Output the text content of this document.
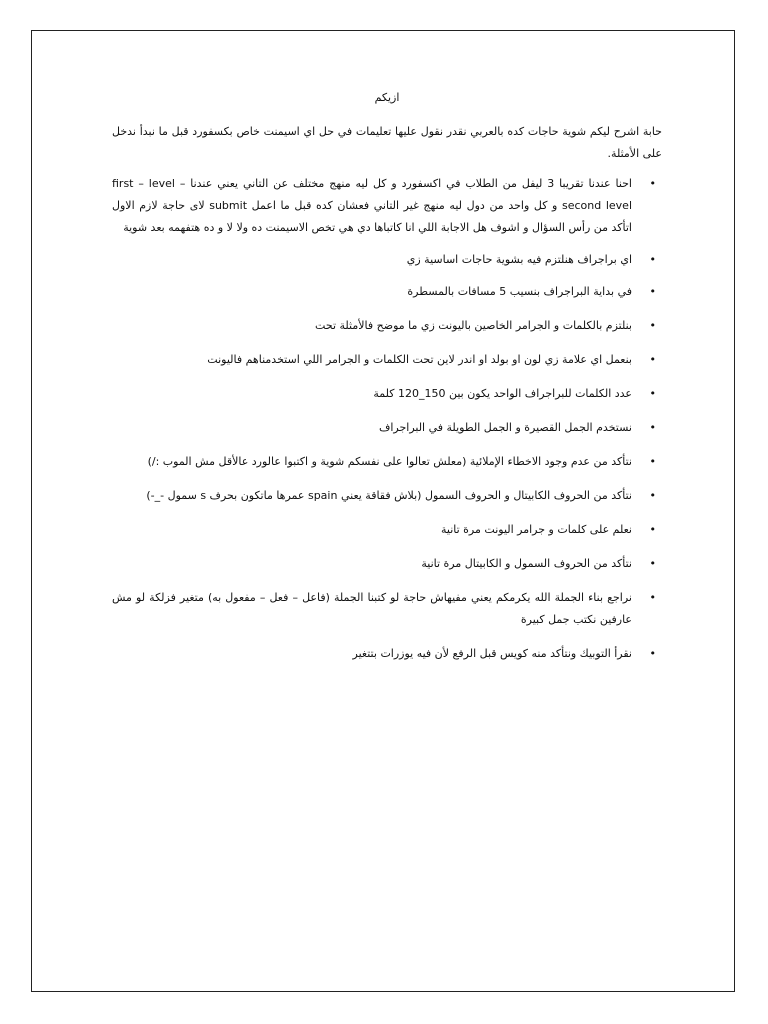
ازيكم

حابة اشرح ليكم شوية حاجات كده بالعربي نقدر نقول عليها تعليمات في حل اي اسيمنت خاص بكسفورد قبل ما نبدأ ندخل على الأمثلة.

•
احنا عندنا تقريبا 3 ليفل من الطلاب في اكسفورد و كل ليه منهج مختلف عن التاني يعني عندنا first – level – second level و كل واحد من دول ليه منهج غير التاني فعشان كده قبل ما اعمل submit لاى حاجة لازم الاول اتأكد من رأس السؤال و اشوف هل الاجابة اللي انا كاتباها دي هي تخص الاسيمنت ده ولا لا و ده هتفهمه بعد شوية
•
اي براجراف هنلتزم فيه بشوية حاجات اساسية زي
•
في بداية البراجراف بنسيب 5 مسافات بالمسطرة
•
بنلتزم بالكلمات و الجرامر الخاصين باليونت زي ما موضح فالأمثلة تحت
•
بنعمل اي علامة زي لون او بولد او اندر لاين تحت الكلمات و الجرامر اللي استخدمناهم فاليونت
•
عدد الكلمات للبراجراف الواحد يكون بين 150_120 كلمة
•
نستخدم الجمل القصيرة و الجمل الطويلة في البراجراف
•
نتأكد من عدم وجود الاخطاء الإملائية (معلش تعالوا على نفسكم شوية و اكتبوا عالورد عالأقل مش الموب :/)
•
نتأكد من الحروف الكابيتال و الحروف السمول (بلاش فقاقة يعني spain عمرها ماتكون بحرف s سمول -_-)
•
نعلم على كلمات و جرامر اليونت مرة تانية
•
نتأكد من الحروف السمول و الكابيتال مرة تانية
•
نراجع بناء الجملة الله يكرمكم يعني مفيهاش حاجة لو كتبنا الجملة (فاعل – فعل – مفعول به) متغير فزلكة لو مش عارفين نكتب جمل كبيرة
•
نقرأ التوبيك ونتأكد منه كويس قبل الرفع لأن فيه يوزرات بتتغير
